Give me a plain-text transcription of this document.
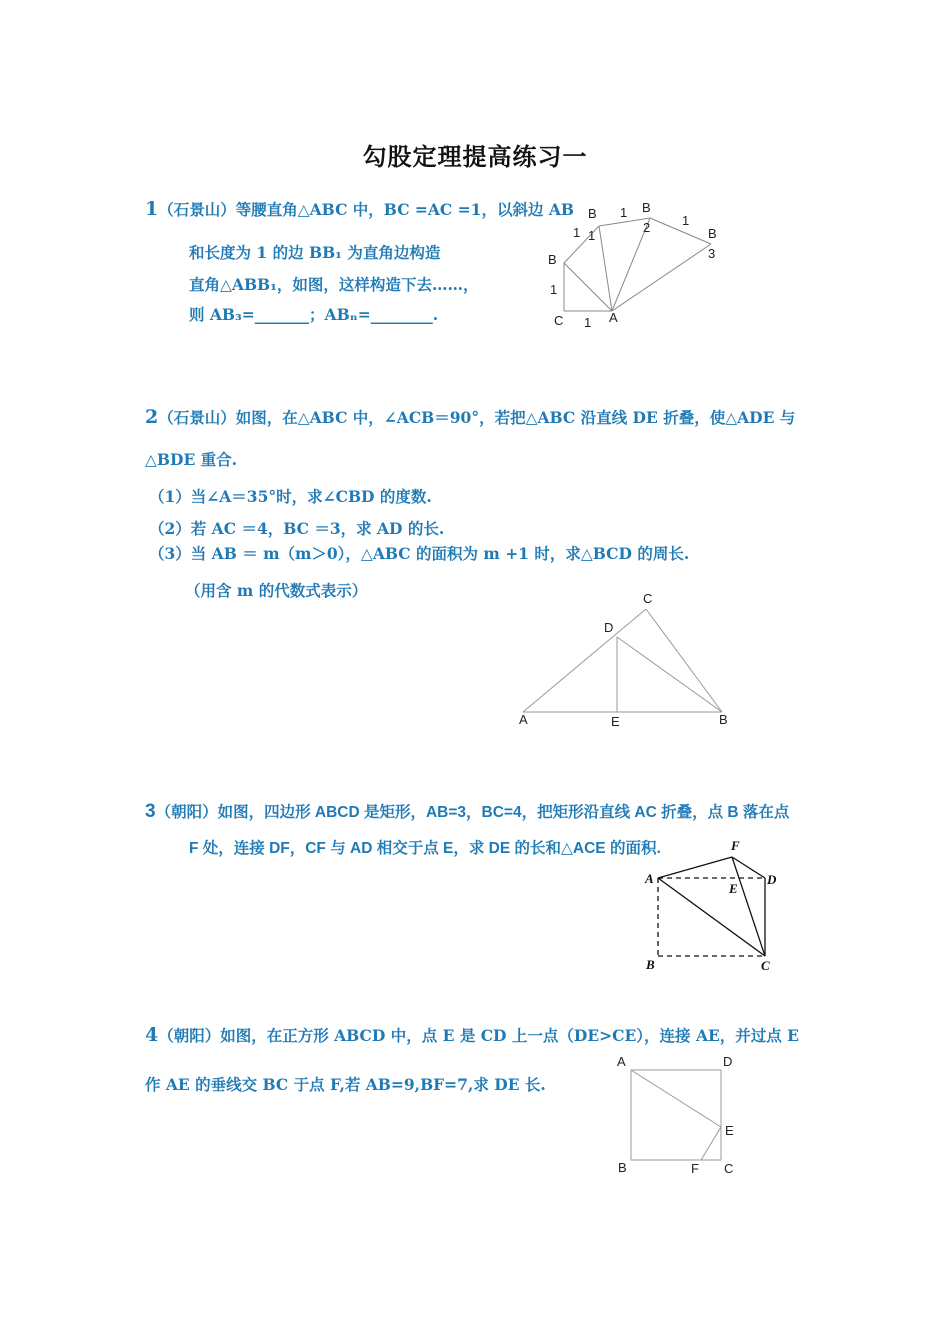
勾股定理提高练习一
1（石景山）等腰直角△ABC 中，BC =AC =1，以斜边 AB
和长度为 1 的边 BB₁ 为直角边构造
直角△ABB₁，如图，这样构造下去……，
则 AB₃=_______；ABₙ=________.
B
1 1
B
1
B
1
B
2 1
3
C 1 A
2（石景山）如图，在△ABC 中，∠ACB＝90°，若把△ABC 沿直线 DE 折叠，使△ADE 与
△BDE 重合.
（1）当∠A＝35°时，求∠CBD 的度数.
（2）若 AC ＝4，BC ＝3，求 AD 的长.
（3）当 AB ＝ m（m＞0），△ABC 的面积为 m +1 时，求△BCD 的周长.
（用含 m 的代数式表示）	C
D
A	E	B
3（朝阳）如图，四边形 ABCD 是矩形，AB=3，BC=4，把矩形沿直线 AC 折叠，点 B 落在点
F 处，连接 DF，CF 与 AD 相交于点 E，求 DE 的长和△ACE 的面积.	F
A
E
D
B	C
4（朝阳）如图，在正方形 ABCD 中，点 E 是 CD 上一点（DE>CE），连接 AE，并过点 E
作 AE 的垂线交 BC 于点 F,若 AB=9,BF=7,求 DE 长.
A	D
E
B	F C
